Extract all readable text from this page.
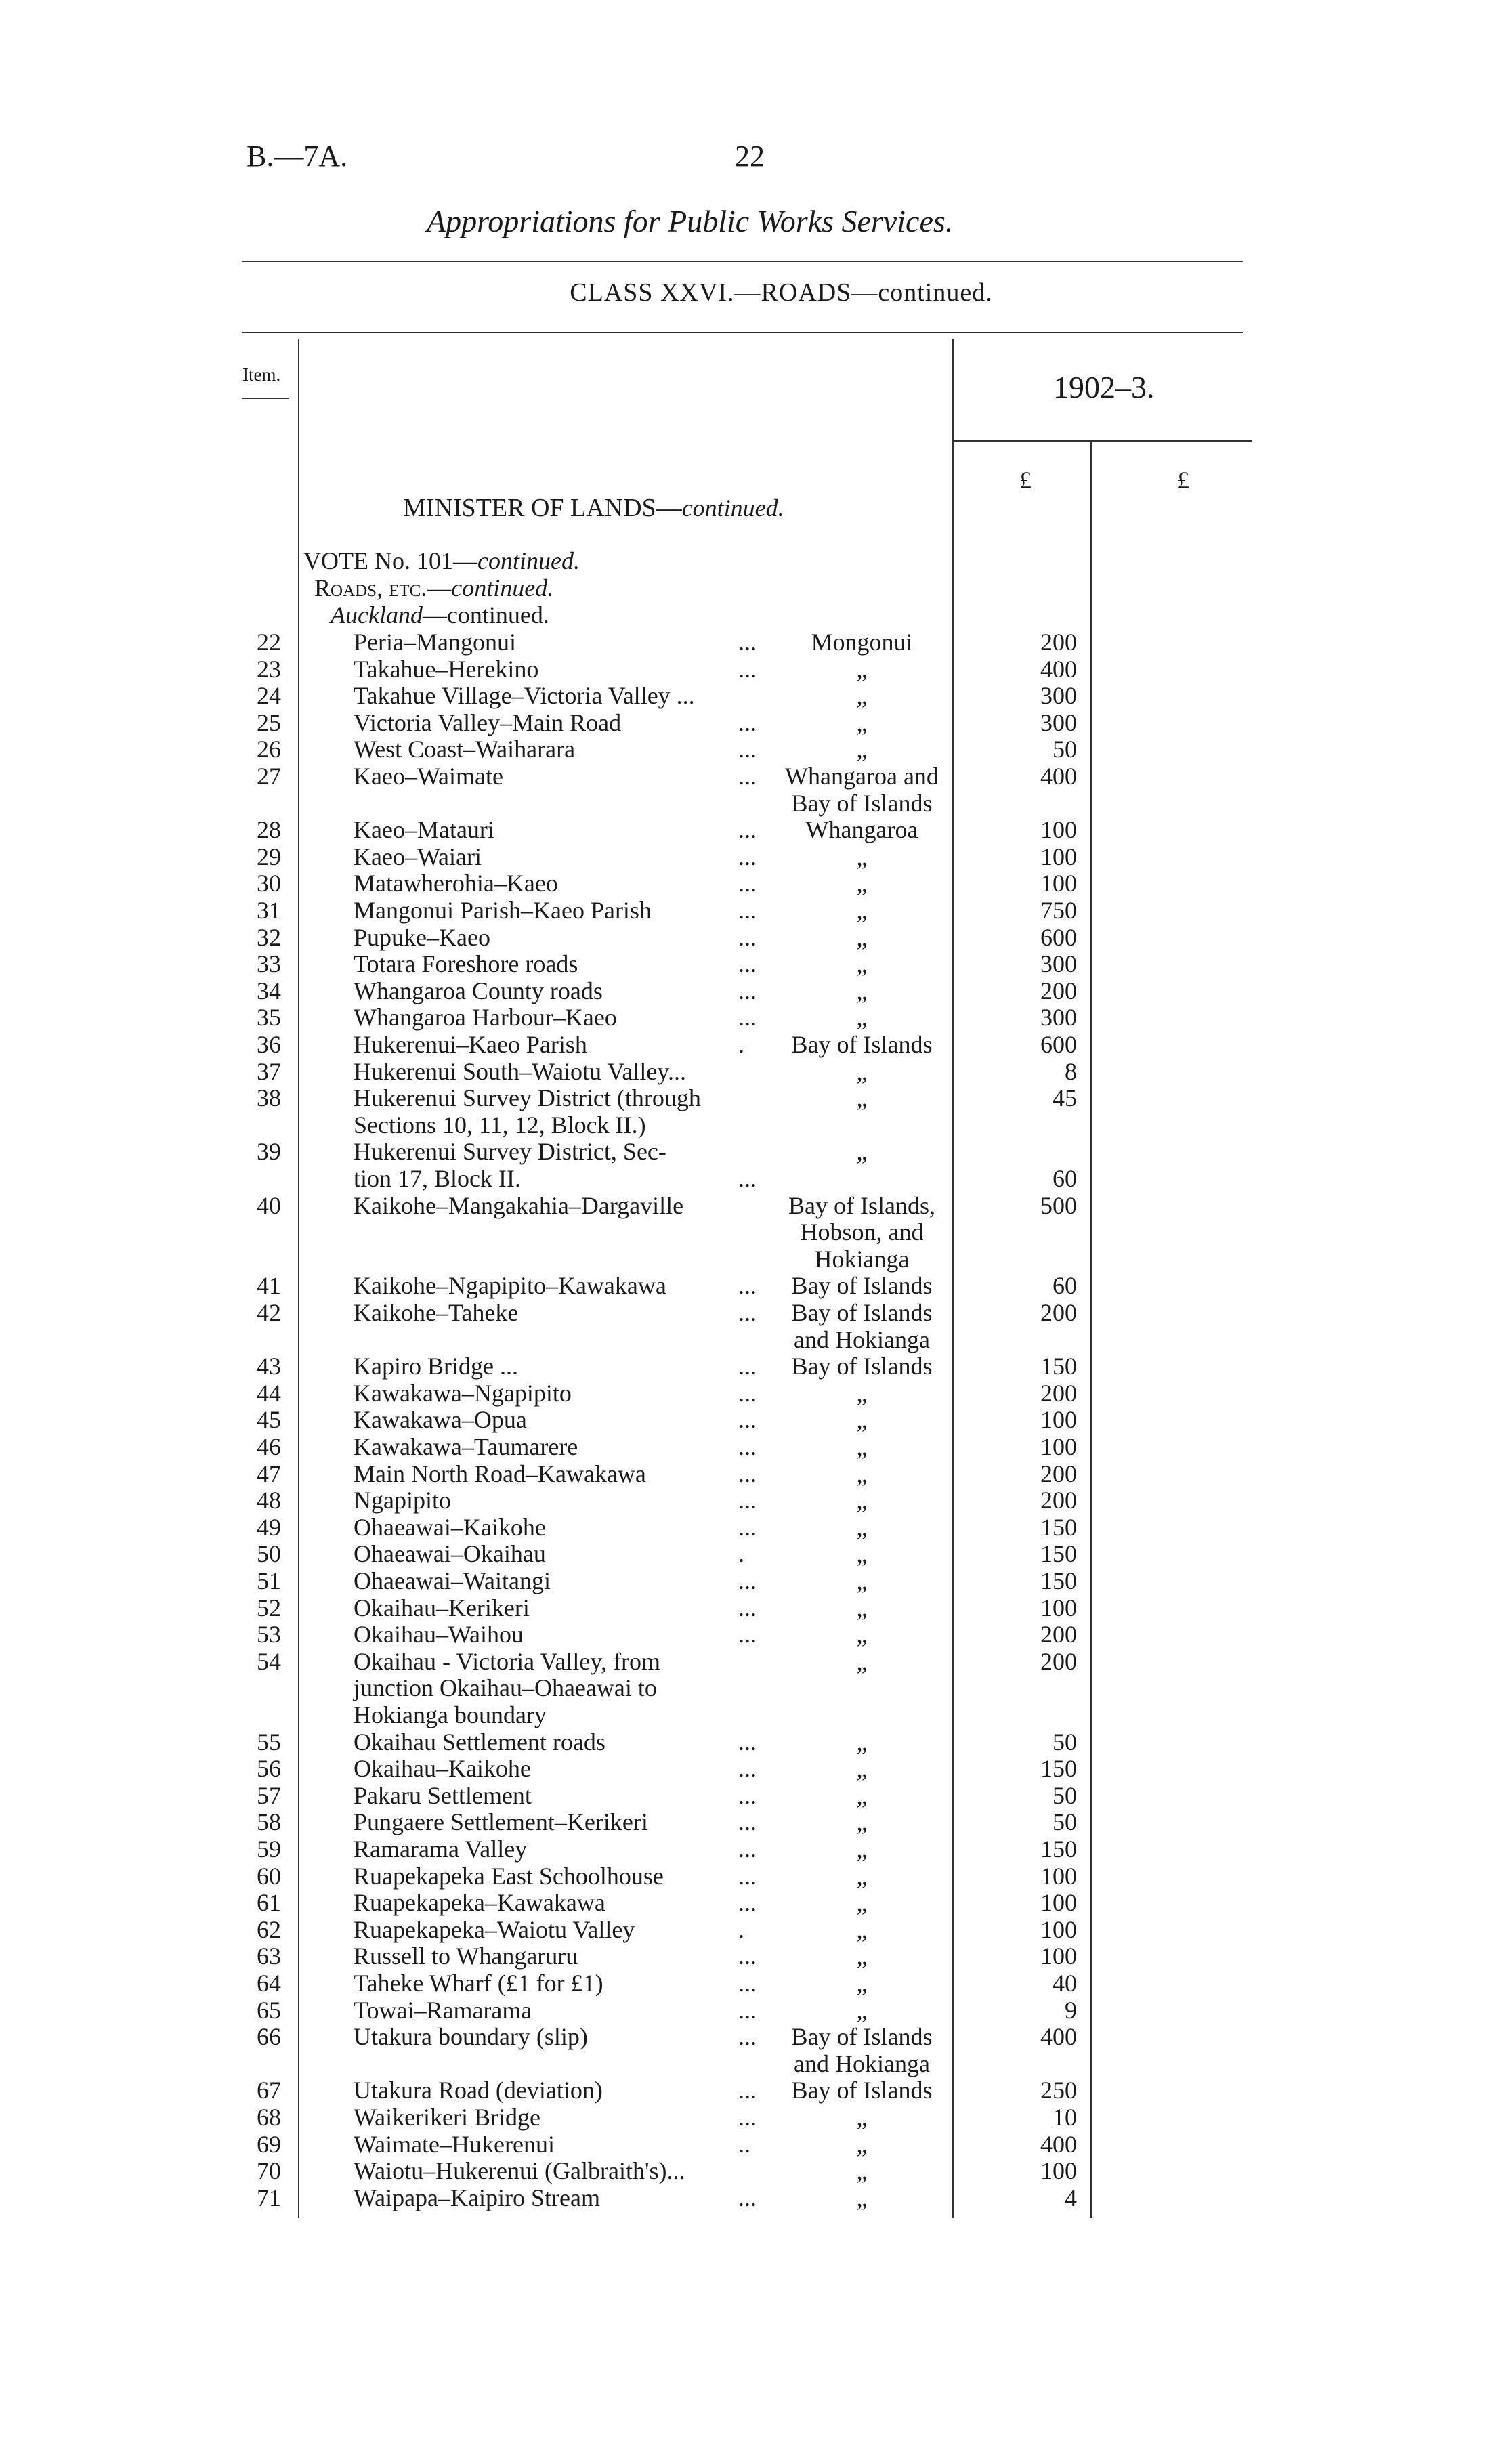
B.—7A.	22
Appropriations for Public Works Services.
CLASS XXVI.—ROADS—continued.
Item.	1902–3.
£	£
MINISTER OF LANDS—continued.
VOTE No. 101—continued.
Roads, etc.—continued.
Auckland—continued.
22	Peria–Mangonui	...	Mongonui	200
23	Takahue–Herekino	...	„	400
24	Takahue Village–Victoria Valley ...	„	300
25	Victoria Valley–Main Road	...	„	300
26	West Coast–Waiharara	...	„	50
27	Kaeo–Waimate	...	Whangaroa and	400
Bay of Islands
28	Kaeo–Matauri	...	Whangaroa	100
29	Kaeo–Waiari	...	„	100
30	Matawherohia–Kaeo	...	„	100
31	Mangonui Parish–Kaeo Parish	...	„	750
32	Pupuke–Kaeo	...	„	600
33	Totara Foreshore roads	...	„	300
34	Whangaroa County roads	...	„	200
35	Whangaroa Harbour–Kaeo	...	„	300
36	Hukerenui–Kaeo Parish	.	Bay of Islands	600
37	Hukerenui South–Waiotu Valley...	„	8
38	Hukerenui Survey District (through	„	45
Sections 10, 11, 12, Block II.)
39	Hukerenui Survey District, Sec-	„
tion 17, Block II.	...	60
40	Kaikohe–Mangakahia–Dargaville	Bay of Islands,	500
Hobson, and
Hokianga
41	Kaikohe–Ngapipito–Kawakawa	...	Bay of Islands	60
42	Kaikohe–Taheke	...	Bay of Islands	200
and Hokianga
43	Kapiro Bridge ...	...	Bay of Islands	150
44	Kawakawa–Ngapipito	...	„	200
45	Kawakawa–Opua	...	„	100
46	Kawakawa–Taumarere	...	„	100
47	Main North Road–Kawakawa	...	„	200
48	Ngapipito	...	„	200
49	Ohaeawai–Kaikohe	...	„	150
50	Ohaeawai–Okaihau	.	„	150
51	Ohaeawai–Waitangi	...	„	150
52	Okaihau–Kerikeri	...	„	100
53	Okaihau–Waihou	...	„	200
54	Okaihau - Victoria Valley, from	„	200
junction Okaihau–Ohaeawai to
Hokianga boundary
55	Okaihau Settlement roads	...	„	50
56	Okaihau–Kaikohe	...	„	150
57	Pakaru Settlement	...	„	50
58	Pungaere Settlement–Kerikeri	...	„	50
59	Ramarama Valley	...	„	150
60	Ruapekapeka East Schoolhouse	...	„	100
61	Ruapekapeka–Kawakawa	...	„	100
62	Ruapekapeka–Waiotu Valley	.	„	100
63	Russell to Whangaruru	...	„	100
64	Taheke Wharf (£1 for £1)	...	„	40
65	Towai–Ramarama	...	„	9
66	Utakura boundary (slip)	...	Bay of Islands	400
and Hokianga
67	Utakura Road (deviation)	...	Bay of Islands	250
68	Waikerikeri Bridge	...	„	10
69	Waimate–Hukerenui	..	„	400
70	Waiotu–Hukerenui (Galbraith's)...	„	100
71	Waipapa–Kaipiro Stream	...	„	4
